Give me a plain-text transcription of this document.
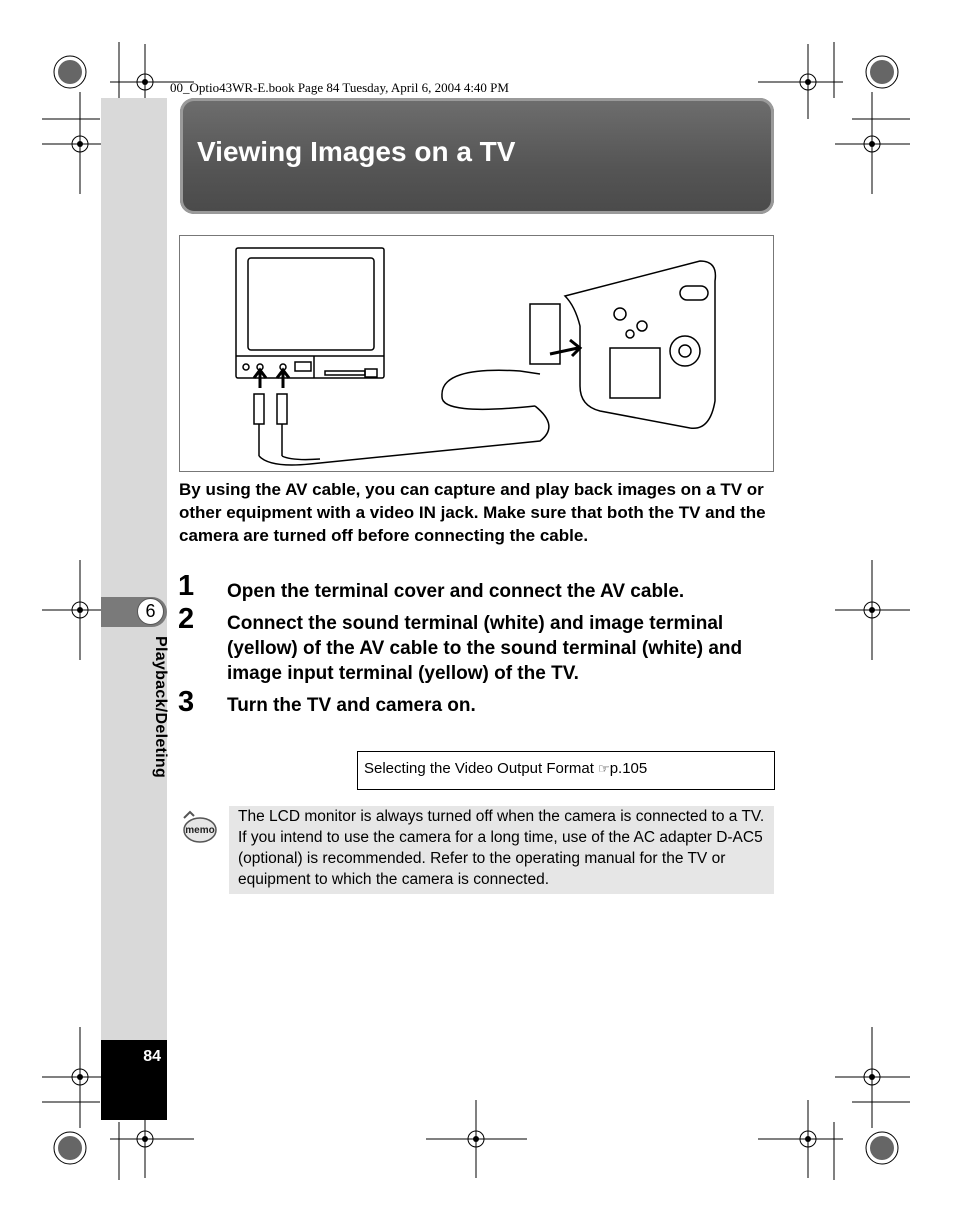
00_Optio43WR-E.book Page 84 Tuesday, April 6, 2004 4:40 PM
84
6
Playback/Deleting
Viewing Images on a TV
By using the AV cable, you can capture and play back images on a TV or other equipment with a video IN jack. Make sure that both the TV and the camera are turned off before connecting the cable.
1 Open the terminal cover and connect the AV cable.
2 Connect the sound terminal (white) and image terminal (yellow) of the AV cable to the sound terminal (white) and image input terminal (yellow) of the TV.
3 Turn the TV and camera on.
Selecting the Video Output Format ☞p.105
memo
The LCD monitor is always turned off when the camera is connected to a TV. If you intend to use the camera for a long time, use of the AC adapter D-AC5 (optional) is recommended. Refer to the operating manual for the TV or equipment to which the camera is connected.
